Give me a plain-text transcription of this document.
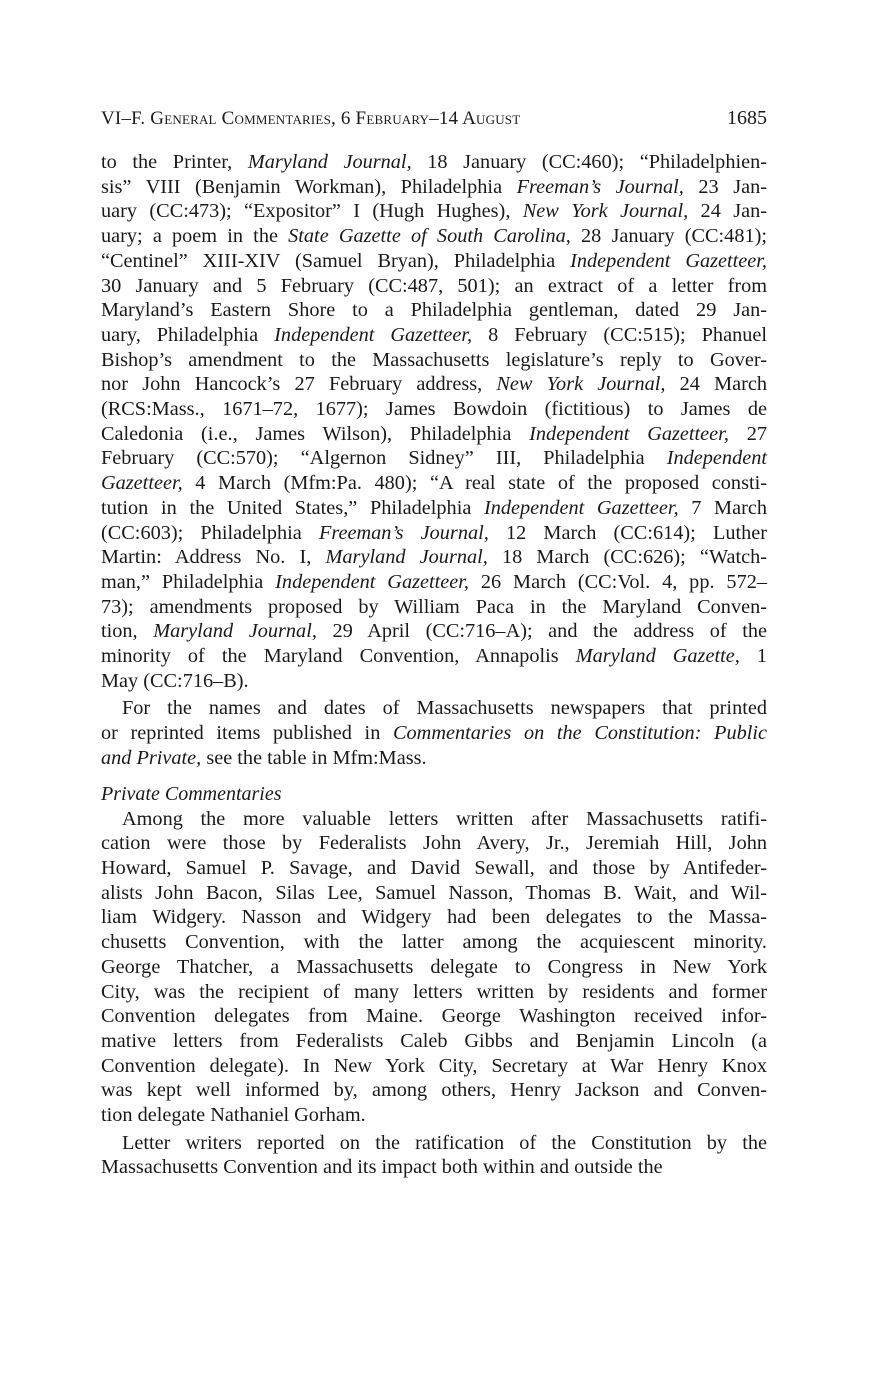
VI–F. General Commentaries, 6 February–14 August	1685

to the Printer, Maryland Journal, 18 January (CC:460); “Philadelphien-
sis” VIII (Benjamin Workman), Philadelphia Freeman’s Journal, 23 Jan-
uary (CC:473); “Expositor” I (Hugh Hughes), New York Journal, 24 Jan-
uary; a poem in the State Gazette of South Carolina, 28 January (CC:481);
“Centinel” XIII-XIV (Samuel Bryan), Philadelphia Independent Gazetteer,
30 January and 5 February (CC:487, 501); an extract of a letter from
Maryland’s Eastern Shore to a Philadelphia gentleman, dated 29 Jan-
uary, Philadelphia Independent Gazetteer, 8 February (CC:515); Phanuel
Bishop’s amendment to the Massachusetts legislature’s reply to Gover-
nor John Hancock’s 27 February address, New York Journal, 24 March
(RCS:Mass., 1671–72, 1677); James Bowdoin (fictitious) to James de
Caledonia (i.e., James Wilson), Philadelphia Independent Gazetteer, 27
February (CC:570); “Algernon Sidney” III, Philadelphia Independent
Gazetteer, 4 March (Mfm:Pa. 480); “A real state of the proposed consti-
tution in the United States,” Philadelphia Independent Gazetteer, 7 March
(CC:603); Philadelphia Freeman’s Journal, 12 March (CC:614); Luther
Martin: Address No. I, Maryland Journal, 18 March (CC:626); “Watch-
man,” Philadelphia Independent Gazetteer, 26 March (CC:Vol. 4, pp. 572–
73); amendments proposed by William Paca in the Maryland Conven-
tion, Maryland Journal, 29 April (CC:716–A); and the address of the
minority of the Maryland Convention, Annapolis Maryland Gazette, 1
May (CC:716–B).

For the names and dates of Massachusetts newspapers that printed
or reprinted items published in Commentaries on the Constitution: Public
and Private, see the table in Mfm:Mass.

Private Commentaries

Among the more valuable letters written after Massachusetts ratifi-
cation were those by Federalists John Avery, Jr., Jeremiah Hill, John
Howard, Samuel P. Savage, and David Sewall, and those by Antifeder-
alists John Bacon, Silas Lee, Samuel Nasson, Thomas B. Wait, and Wil-
liam Widgery. Nasson and Widgery had been delegates to the Massa-
chusetts Convention, with the latter among the acquiescent minority.
George Thatcher, a Massachusetts delegate to Congress in New York
City, was the recipient of many letters written by residents and former
Convention delegates from Maine. George Washington received infor-
mative letters from Federalists Caleb Gibbs and Benjamin Lincoln (a
Convention delegate). In New York City, Secretary at War Henry Knox
was kept well informed by, among others, Henry Jackson and Conven-
tion delegate Nathaniel Gorham.

Letter writers reported on the ratification of the Constitution by the
Massachusetts Convention and its impact both within and outside the
